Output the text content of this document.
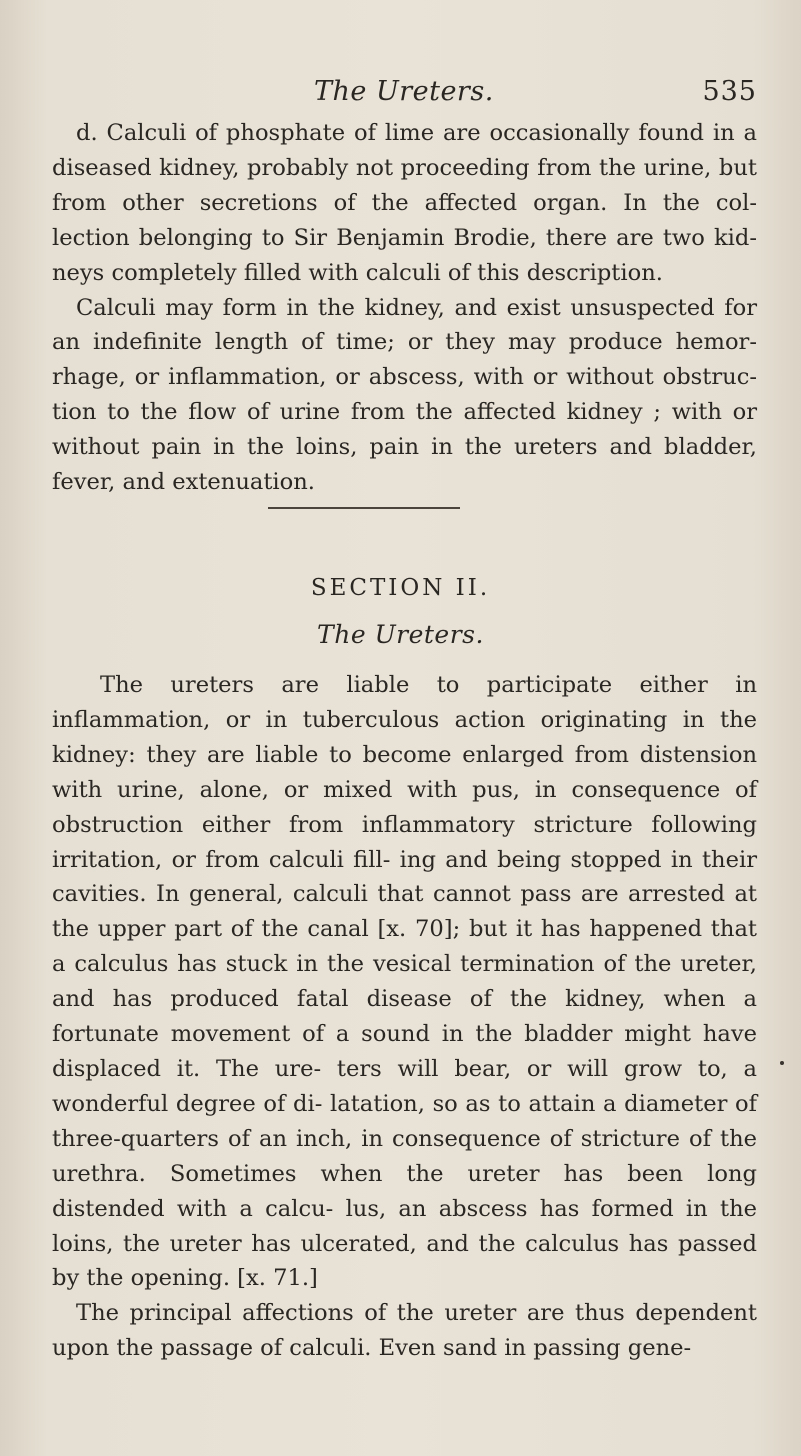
The Ureters.	535

d. Calculi of phosphate of lime are occasionally found in a diseased kidney, probably not proceeding from the urine, but from other secretions of the affected organ. In the col- lection belonging to Sir Benjamin Brodie, there are two kid- neys completely filled with calculi of this description.

Calculi may form in the kidney, and exist unsuspected for an indefinite length of time; or they may produce hemor- rhage, or inflammation, or abscess, with or without obstruc- tion to the flow of urine from the affected kidney ; with or without pain in the loins, pain in the ureters and bladder, fever, and extenuation.

SECTION II.
The Ureters.

The ureters are liable to participate either in inflammation, or in tuberculous action originating in the kidney: they are liable to become enlarged from distension with urine, alone, or mixed with pus, in consequence of obstruction either from inflammatory stricture following irritation, or from calculi fill- ing and being stopped in their cavities. In general, calculi that cannot pass are arrested at the upper part of the canal [x. 70]; but it has happened that a calculus has stuck in the vesical termination of the ureter, and has produced fatal disease of the kidney, when a fortunate movement of a sound in the bladder might have displaced it. The ure- ters will bear, or will grow to, a wonderful degree of di- latation, so as to attain a diameter of three-quarters of an inch, in consequence of stricture of the urethra. Sometimes when the ureter has been long distended with a calcu- lus, an abscess has formed in the loins, the ureter has ulcerated, and the calculus has passed by the opening. [x. 71.]

The principal affections of the ureter are thus dependent upon the passage of calculi. Even sand in passing gene-
